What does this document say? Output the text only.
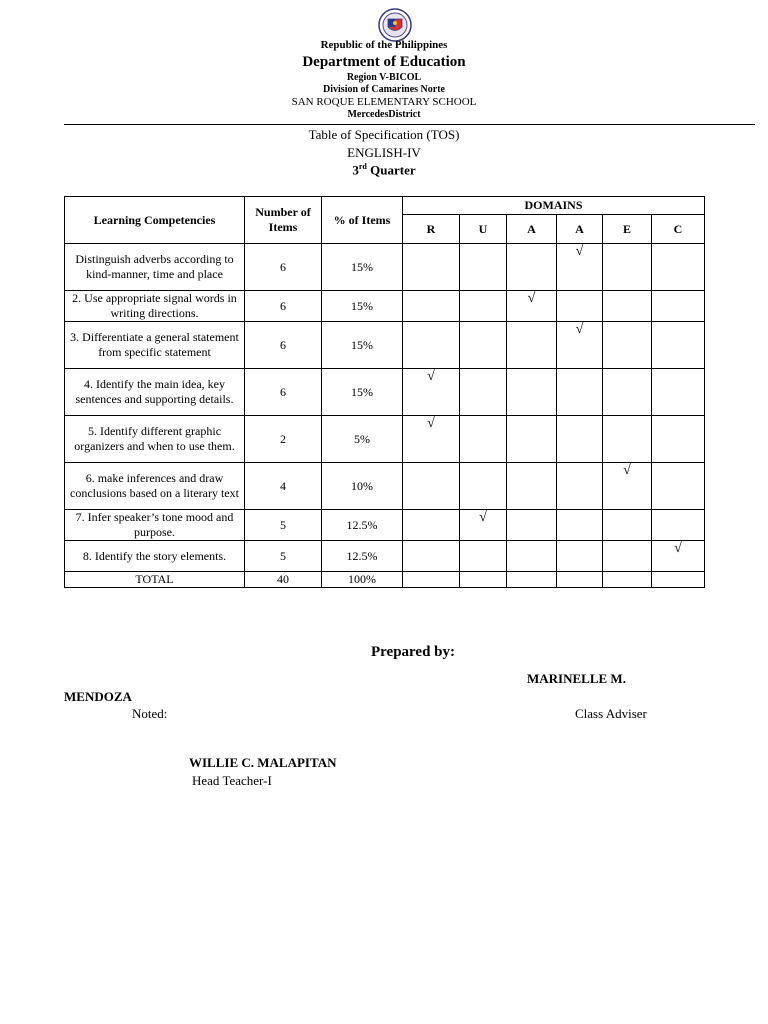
Republic of the Philippines
Department of Education
Region V-BICOL
Division of Camarines Norte
SAN ROQUE ELEMENTARY SCHOOL
MercedesDistrict
Table of Specification (TOS)
ENGLISH-IV
3rd Quarter
Learning Competencies	Number of Items	% of Items	DOMAINS					
			R	U	A	A	E	C
Distinguish adverbs according to kind-manner, time and place	6	15%				√		
2. Use appropriate signal words in writing directions.	6	15%			√			
3. Differentiate a general statement from specific statement	6	15%				√		
4. Identify the main idea, key sentences and supporting details.	6	15%	√					
5. Identify different graphic organizers and when to use them.	2	5%	√					
6. make inferences and draw conclusions based on a literary text	4	10%					√	
7. Infer speaker’s tone mood and purpose.	5	12.5%		√				
8. Identify the story elements.	5	12.5%						√
TOTAL	40	100%						
Prepared by:
MARINELLE M.
MENDOZA
Noted:	Class Adviser
WILLIE C. MALAPITAN
Head Teacher-I
